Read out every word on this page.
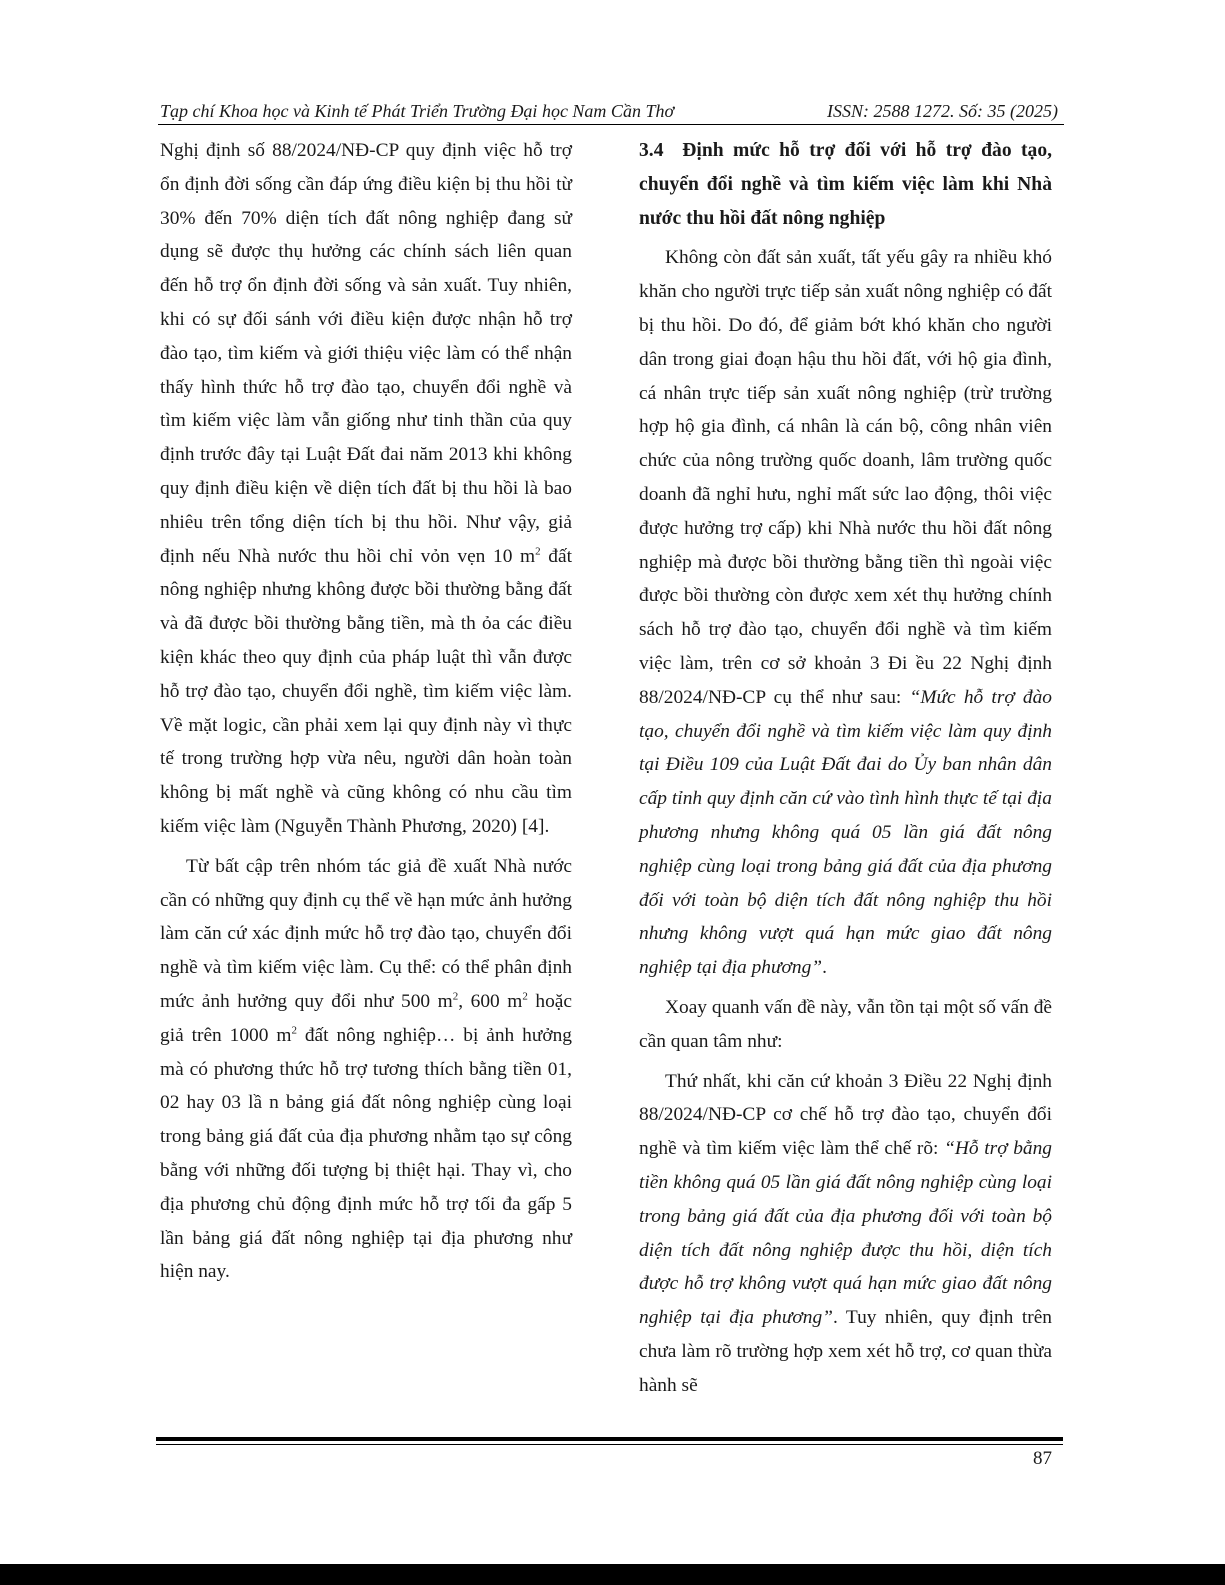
Tạp chí Khoa học và Kinh tế Phát Triển Trường Đại học Nam Cần Thơ	ISSN: 2588 1272. Số: 35 (2025)

Nghị định số 88/2024/NĐ-CP quy định việc hỗ trợ ổn định đời sống cần đáp ứng điều kiện bị thu hồi từ 30% đến 70% diện tích đất nông nghiệp đang sử dụng sẽ được thụ hưởng các chính sách liên quan đến hỗ trợ ổn định đời sống và sản xuất. Tuy nhiên, khi có sự đối sánh với điều kiện được nhận hỗ trợ đào tạo, tìm kiếm và giới thiệu việc làm có thể nhận thấy hình thức hỗ trợ đào tạo, chuyển đổi nghề và tìm kiếm việc làm vẫn giống như tinh thần của quy định trước đây tại Luật Đất đai năm 2013 khi không quy định điều kiện về diện tích đất bị thu hồi là bao nhiêu trên tổng diện tích bị thu hồi. Như vậy, giả định nếu Nhà nước thu hồi chỉ vỏn vẹn 10 $m^2$ đất nông nghiệp nhưng không được bồi thường bằng đất và đã được bồi thường bằng tiền, mà th ỏa các điều kiện khác theo quy định của pháp luật thì vẫn được hỗ trợ đào tạo, chuyển đổi nghề, tìm kiếm việc làm. Về mặt logic, cần phải xem lại quy định này vì thực tế trong trường hợp vừa nêu, người dân hoàn toàn không bị mất nghề và cũng không có nhu cầu tìm kiếm việc làm (Nguyễn Thành Phương, 2020) [4].

Từ bất cập trên nhóm tác giả đề xuất Nhà nước cần có những quy định cụ thể về hạn mức ảnh hưởng làm căn cứ xác định mức hỗ trợ đào tạo, chuyển đổi nghề và tìm kiếm việc làm. Cụ thể: có thể phân định mức ảnh hưởng quy đổi như 500 $m^2$, 600 $m^2$ hoặc giả trên 1000 $m^2$ đất nông nghiệp… bị ảnh hưởng mà có phương thức hỗ trợ tương thích bằng tiền 01, 02 hay 03 lầ n bảng giá đất nông nghiệp cùng loại trong bảng giá đất của địa phương nhằm tạo sự công bằng với những đối tượng bị thiệt hại. Thay vì, cho địa phương chủ động định mức hỗ trợ tối đa gấp 5 lần bảng giá đất nông nghiệp tại địa phương như hiện nay.

3.4 Định mức hỗ trợ đối với hỗ trợ đào tạo, chuyển đổi nghề và tìm kiếm việc làm khi Nhà nước thu hồi đất nông nghiệp

Không còn đất sản xuất, tất yếu gây ra nhiều khó khăn cho người trực tiếp sản xuất nông nghiệp có đất bị thu hồi. Do đó, để giảm bớt khó khăn cho người dân trong giai đoạn hậu thu hồi đất, với hộ gia đình, cá nhân trực tiếp sản xuất nông nghiệp (trừ trường hợp hộ gia đình, cá nhân là cán bộ, công nhân viên chức của nông trường quốc doanh, lâm trường quốc doanh đã nghỉ hưu, nghỉ mất sức lao động, thôi việc được hưởng trợ cấp) khi Nhà nước thu hồi đất nông nghiệp mà được bồi thường bằng tiền thì ngoài việc được bồi thường còn được xem xét thụ hưởng chính sách hỗ trợ đào tạo, chuyển đổi nghề và tìm kiếm việc làm, trên cơ sở khoản 3 Đi ều 22 Nghị định 88/2024/NĐ-CP cụ thể như sau: “Mức hỗ trợ đào tạo, chuyển đổi nghề và tìm kiếm việc làm quy định tại Điều 109 của Luật Đất đai do Ủy ban nhân dân cấp tỉnh quy định căn cứ vào tình hình thực tế tại địa phương nhưng không quá 05 lần giá đất nông nghiệp cùng loại trong bảng giá đất của địa phương đối với toàn bộ diện tích đất nông nghiệp thu hồi nhưng không vượt quá hạn mức giao đất nông nghiệp tại địa phương”.

Xoay quanh vấn đề này, vẫn tồn tại một số vấn đề cần quan tâm như:

Thứ nhất, khi căn cứ khoản 3 Điều 22 Nghị định 88/2024/NĐ-CP cơ chế hỗ trợ đào tạo, chuyển đổi nghề và tìm kiếm việc làm thể chế rõ: “Hỗ trợ bằng tiền không quá 05 lần giá đất nông nghiệp cùng loại trong bảng giá đất của địa phương đối với toàn bộ diện tích đất nông nghiệp được thu hồi, diện tích được hỗ trợ không vượt quá hạn mức giao đất nông nghiệp tại địa phương”. Tuy nhiên, quy định trên chưa làm rõ trường hợp xem xét hỗ trợ, cơ quan thừa hành sẽ

87
